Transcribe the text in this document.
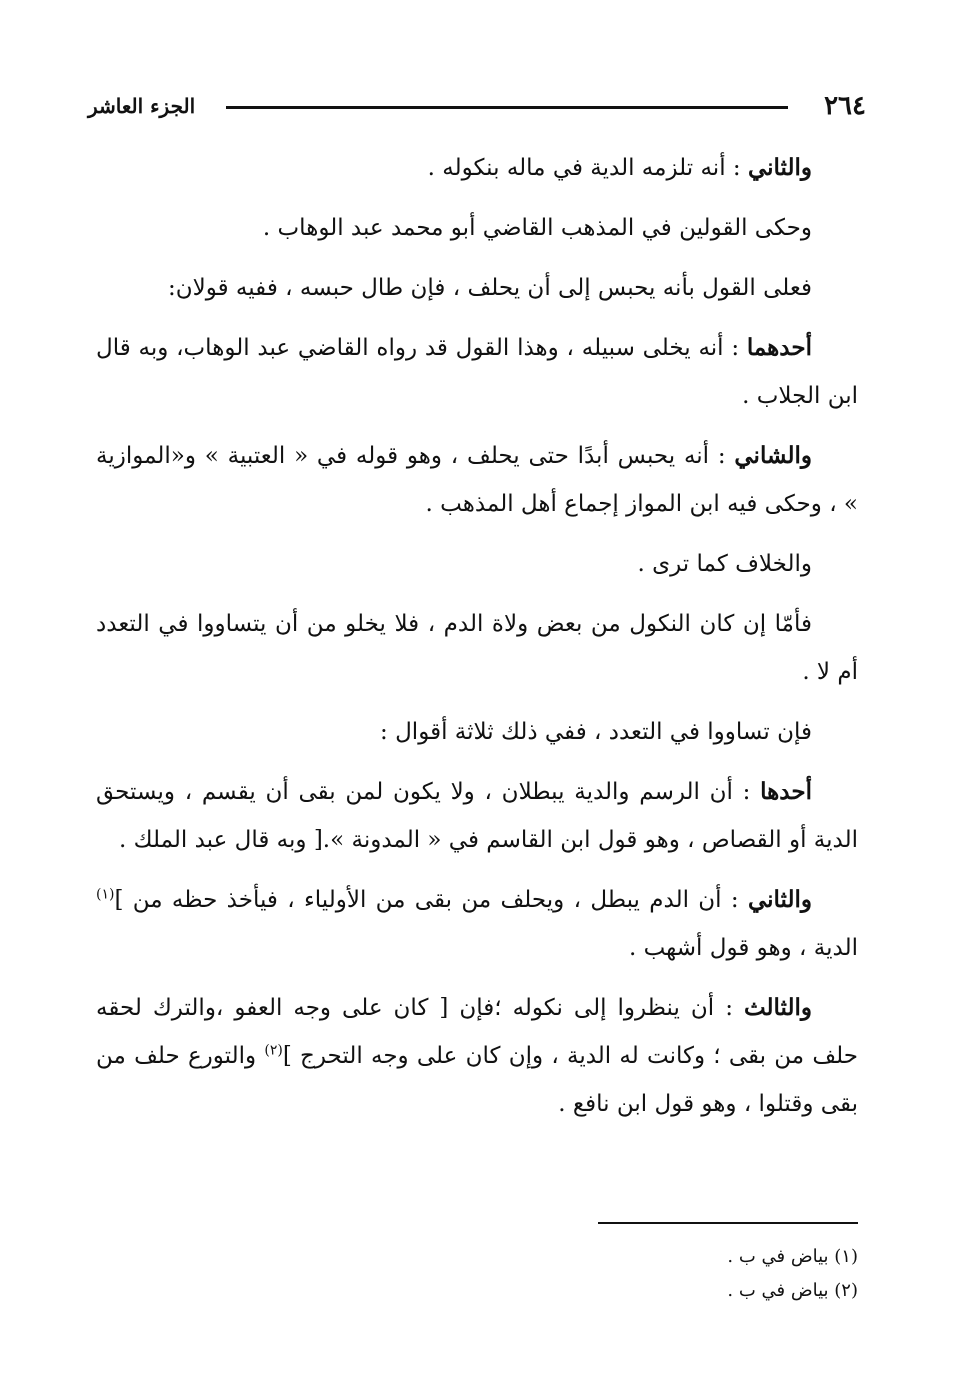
٢٦٤
الجزء العاشر

والثاني : أنه تلزمه الدية في ماله بنكوله .

وحكى القولين في المذهب القاضي أبو محمد عبد الوهاب .

فعلى القول بأنه يحبس إلى أن يحلف ، فإن طال حبسه ، ففيه قولان:

أحدهما : أنه يخلى سبيله ، وهذا القول قد رواه القاضي عبد الوهاب، وبه قال ابن الجلاب .

والشاني : أنه يحبس أبدًا حتى يحلف ، وهو قوله في « العتبية » و«الموازية » ، وحكى فيه ابن المواز إجماع أهل المذهب .

والخلاف كما ترى .

فأمّا إن كان النكول من بعض ولاة الدم ، فلا يخلو من أن يتساووا في التعدد أم لا .

فإن تساووا في التعدد ، ففي ذلك ثلاثة أقوال :

أحدها : أن الرسم والدية يبطلان ، ولا يكون لمن بقى أن يقسم ، ويستحق الدية أو القصاص ، وهو قول ابن القاسم في « المدونة ».[ وبه قال عبد الملك .

والثاني : أن الدم يبطل ، ويحلف من بقى من الأولياء ، فيأخذ حظه من ]$^{(١)}$ الدية ، وهو قول أشهب .

والثالث : أن ينظروا إلى نكوله ؛فإن [ كان على وجه العفو ،والترك لحقه حلف من بقى ؛ وكانت له الدية ، وإن كان على وجه التحرج ]$^{(٢)}$ والتورع حلف من بقى وقتلوا ، وهو قول ابن نافع .

(١) بياض في ب .

(٢) بياض في ب .
